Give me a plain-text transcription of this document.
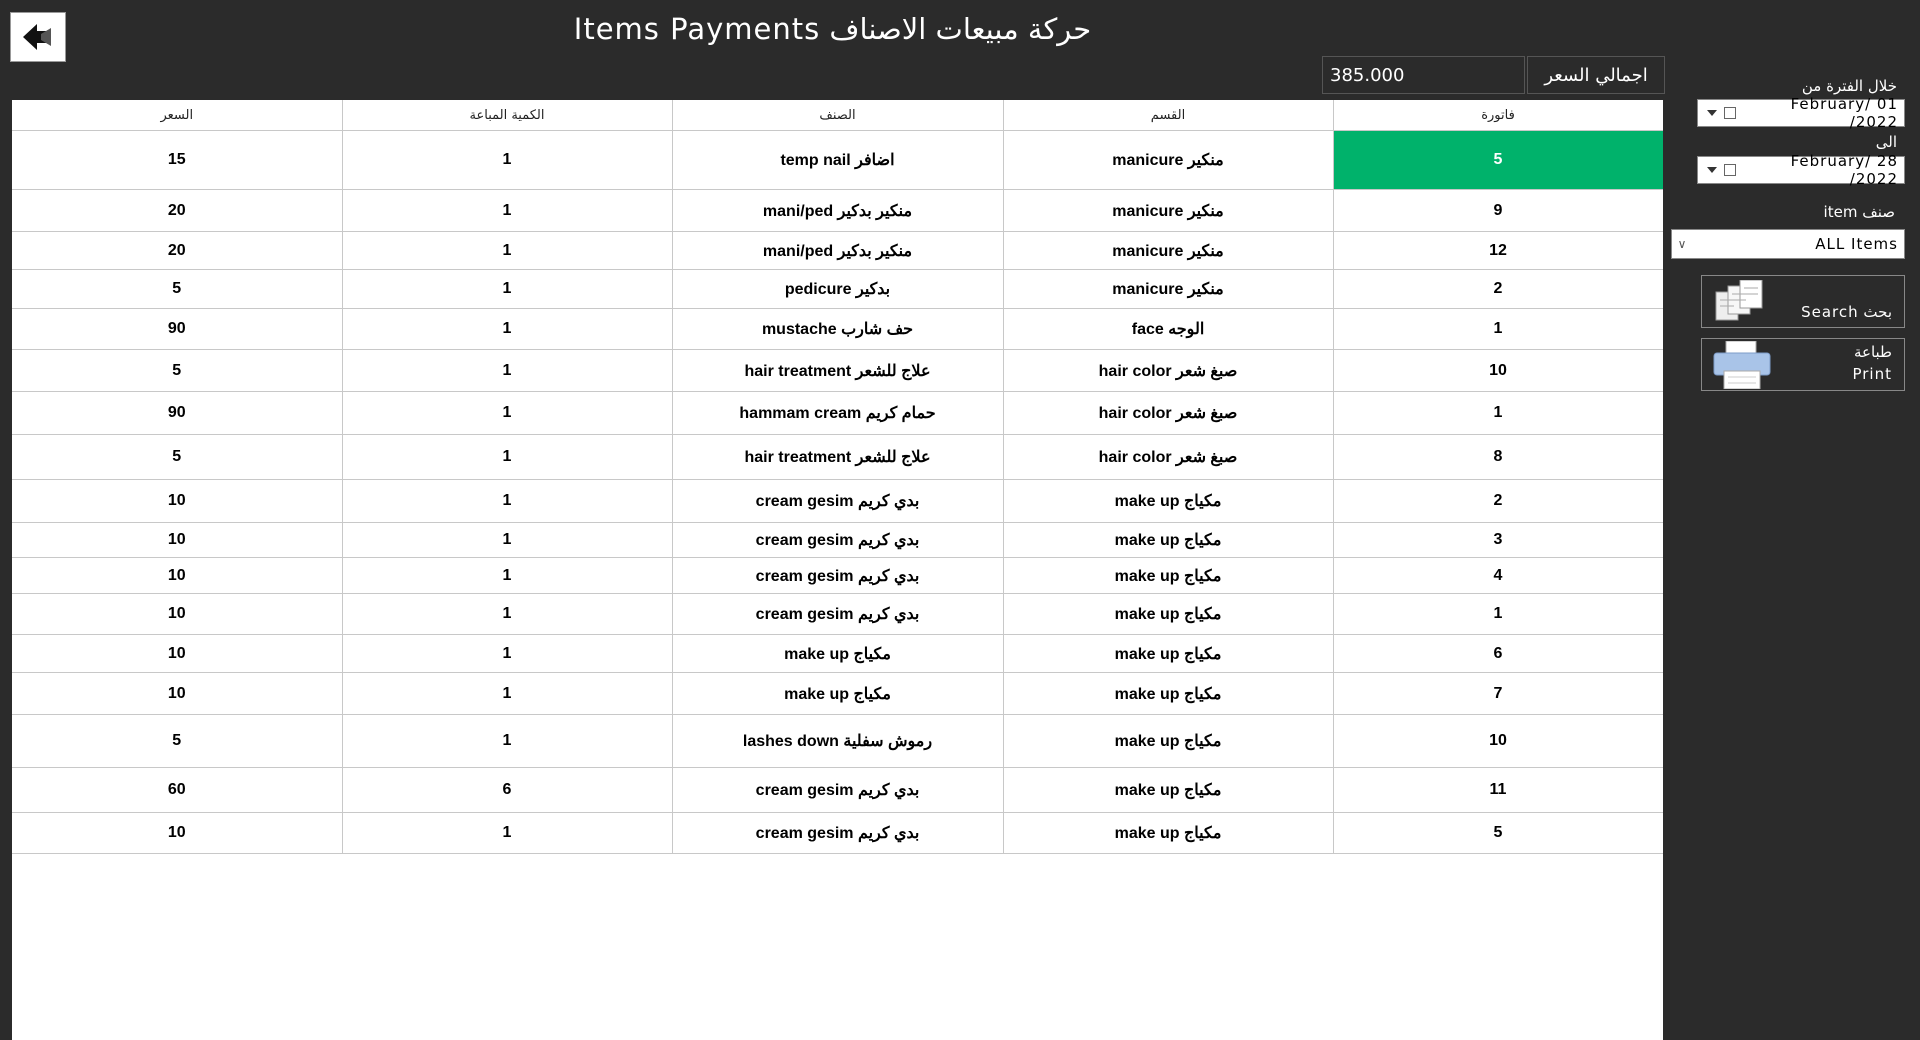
حركة مبيعات الاصناف Items Payments
385.000	اجمالي السعر
السعر	الكمية المباعة	الصنف	القسم	فاتورة
15	1	temp nail اضافر	manicure منكير	5
20	1	mani/ped منكير بدكير	manicure منكير	9
20	1	mani/ped منكير بدكير	manicure منكير	12
5	1	pedicure بدكير	manicure منكير	2
90	1	mustache حف شارب	face الوجه	1
5	1	hair treatment علاج للشعر	hair color صبغ شعر	10
90	1	hammam cream حمام كريم	hair color صبغ شعر	1
5	1	hair treatment علاج للشعر	hair color صبغ شعر	8
10	1	cream gesim بدي كريم	make up مكياج	2
10	1	cream gesim بدي كريم	make up مكياج	3
10	1	cream gesim بدي كريم	make up مكياج	4
10	1	cream gesim بدي كريم	make up مكياج	1
10	1	make up مكياج	make up مكياج	6
10	1	make up مكياج	make up مكياج	7
5	1	lashes down رموش سفلية	make up مكياج	10
60	6	cream gesim بدي كريم	make up مكياج	11
10	1	cream gesim بدي كريم	make up مكياج	5
خلال الفترة من
01 /February /2022
الى
28 /February /2022
صنف item
∨	ALL Items
بحث Search
طباعة
Print
